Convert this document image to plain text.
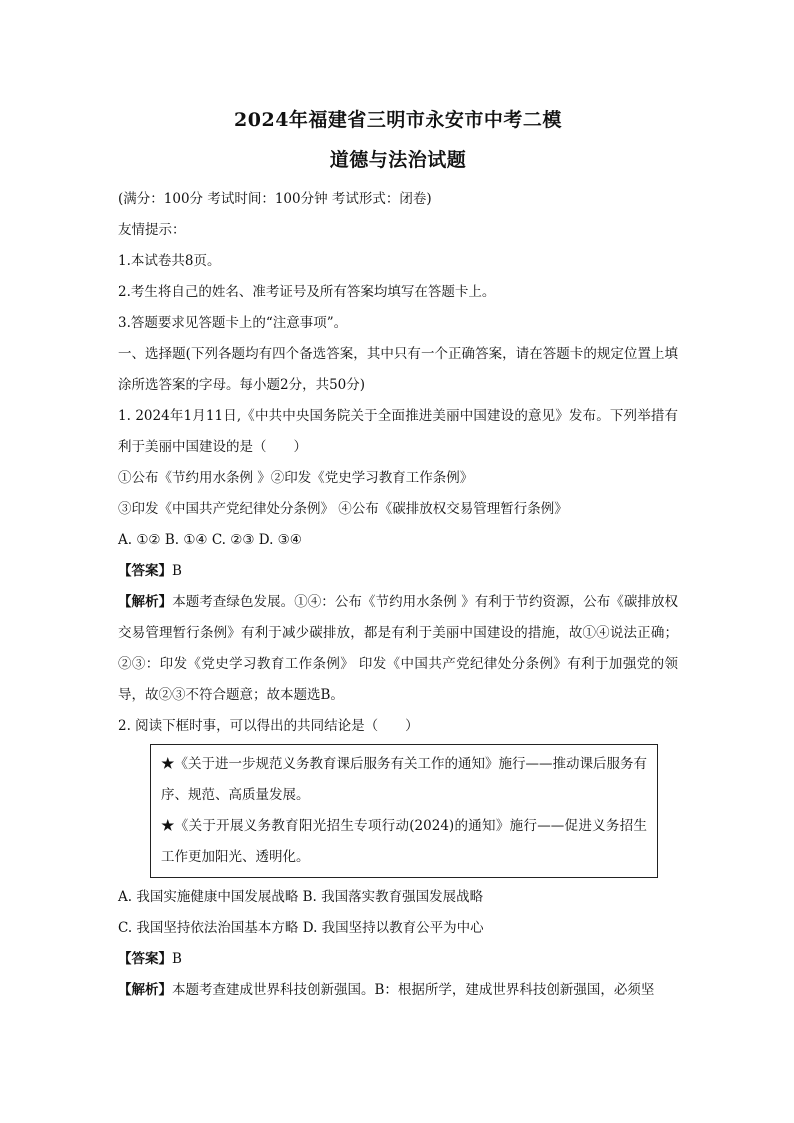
2024年福建省三明市永安市中考二模
道德与法治试题
(满分：100分 考试时间：100分钟 考试形式：闭卷)
友情提示：
1.本试卷共8页。
2.考生将自己的姓名、准考证号及所有答案均填写在答题卡上。
3.答题要求见答题卡上的“注意事项”。
一、选择题(下列各题均有四个备选答案，其中只有一个正确答案，请在答题卡的规定位置上填涂所选答案的字母。每小题2分，共50分)
1. 2024年1月11日,《中共中央国务院关于全面推进美丽中国建设的意见》发布。下列举措有利于美丽中国建设的是（　　）
①公布《节约用水条例 》②印发《党史学习教育工作条例》
③印发《中国共产党纪律处分条例》 ④公布《碳排放权交易管理暂行条例》
A. ①② B. ①④ C. ②③ D. ③④
【答案】B
【解析】本题考查绿色发展。①④：公布《节约用水条例 》有利于节约资源，公布《碳排放权交易管理暂行条例》有利于减少碳排放，都是有利于美丽中国建设的措施，故①④说法正确；②③：印发《党史学习教育工作条例》 印发《中国共产党纪律处分条例》有利于加强党的领导，故②③不符合题意；故本题选B。
2. 阅读下框时事，可以得出的共同结论是（　　）
★《关于进一步规范义务教育课后服务有关工作的通知》施行——推动课后服务有序、规范、高质量发展。
★《关于开展义务教育阳光招生专项行动(2024)的通知》施行——促进义务招生工作更加阳光、透明化。
A. 我国实施健康中国发展战略 B. 我国落实教育强国发展战略
C. 我国坚持依法治国基本方略 D. 我国坚持以教育公平为中心
【答案】B
【解析】本题考查建成世界科技创新强国。B：根据所学，建成世界科技创新强国，必须坚
